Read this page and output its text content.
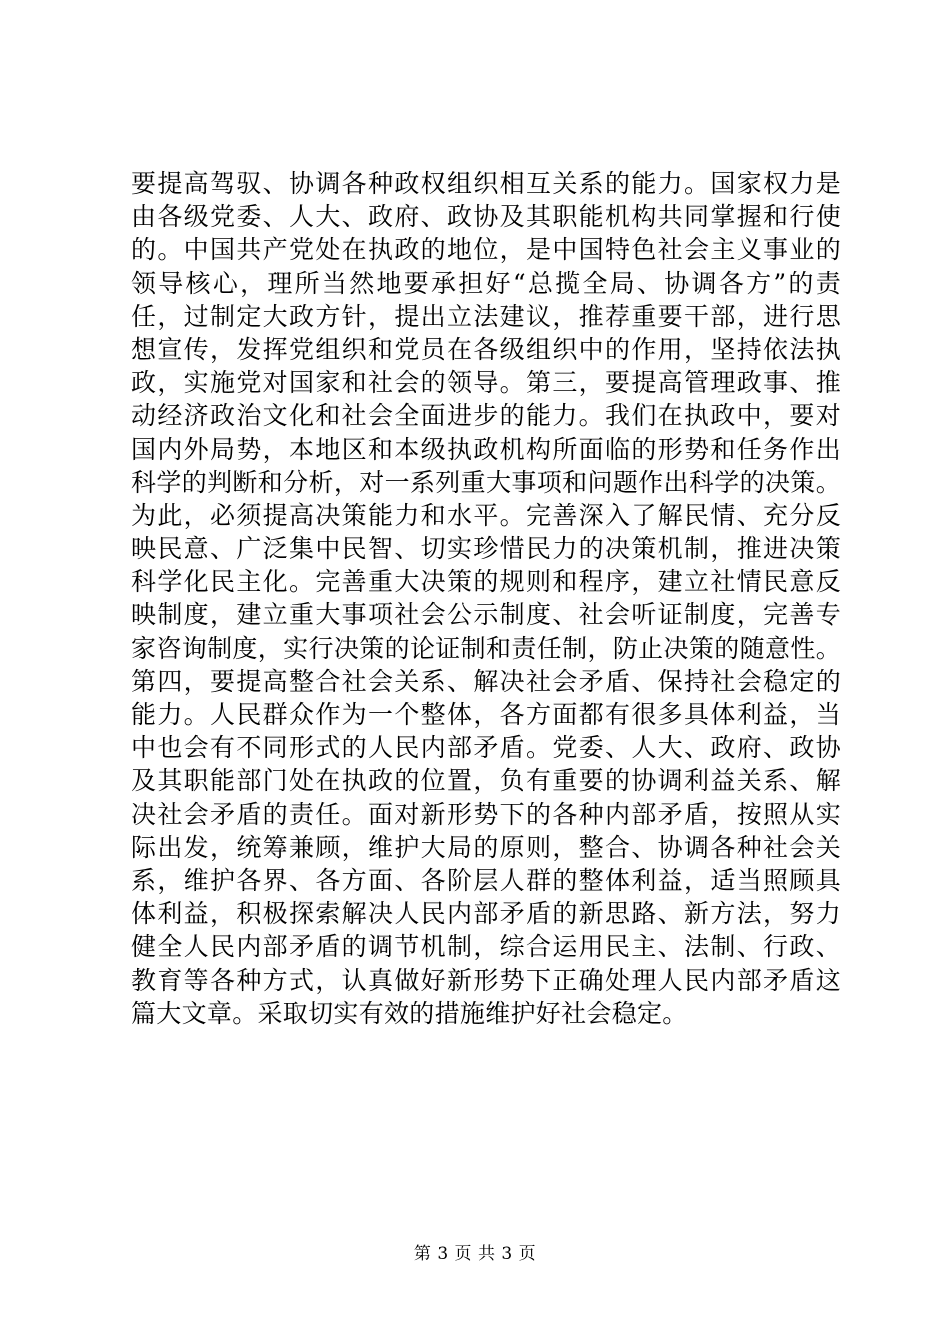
要提高驾驭、协调各种政权组织相互关系的能力。国家权力是
由各级党委、人大、政府、政协及其职能机构共同掌握和行使
的。中国共产党处在执政的地位，是中国特色社会主义事业的
领导核心，理所当然地要承担好“总揽全局、协调各方”的责
任，过制定大政方针，提出立法建议，推荐重要干部，进行思
想宣传，发挥党组织和党员在各级组织中的作用，坚持依法执
政，实施党对国家和社会的领导。第三，要提高管理政事、推
动经济政治文化和社会全面进步的能力。我们在执政中，要对
国内外局势，本地区和本级执政机构所面临的形势和任务作出
科学的判断和分析，对一系列重大事项和问题作出科学的决策。
为此，必须提高决策能力和水平。完善深入了解民情、充分反
映民意、广泛集中民智、切实珍惜民力的决策机制，推进决策
科学化民主化。完善重大决策的规则和程序，建立社情民意反
映制度，建立重大事项社会公示制度、社会听证制度，完善专
家咨询制度，实行决策的论证制和责任制，防止决策的随意性。
第四，要提高整合社会关系、解决社会矛盾、保持社会稳定的
能力。人民群众作为一个整体，各方面都有很多具体利益，当
中也会有不同形式的人民内部矛盾。党委、人大、政府、政协
及其职能部门处在执政的位置，负有重要的协调利益关系、解
决社会矛盾的责任。面对新形势下的各种内部矛盾，按照从实
际出发，统筹兼顾，维护大局的原则，整合、协调各种社会关
系，维护各界、各方面、各阶层人群的整体利益，适当照顾具
体利益，积极探索解决人民内部矛盾的新思路、新方法，努力
健全人民内部矛盾的调节机制，综合运用民主、法制、行政、
教育等各种方式，认真做好新形势下正确处理人民内部矛盾这
篇大文章。采取切实有效的措施维护好社会稳定。
第 3 页 共 3 页
